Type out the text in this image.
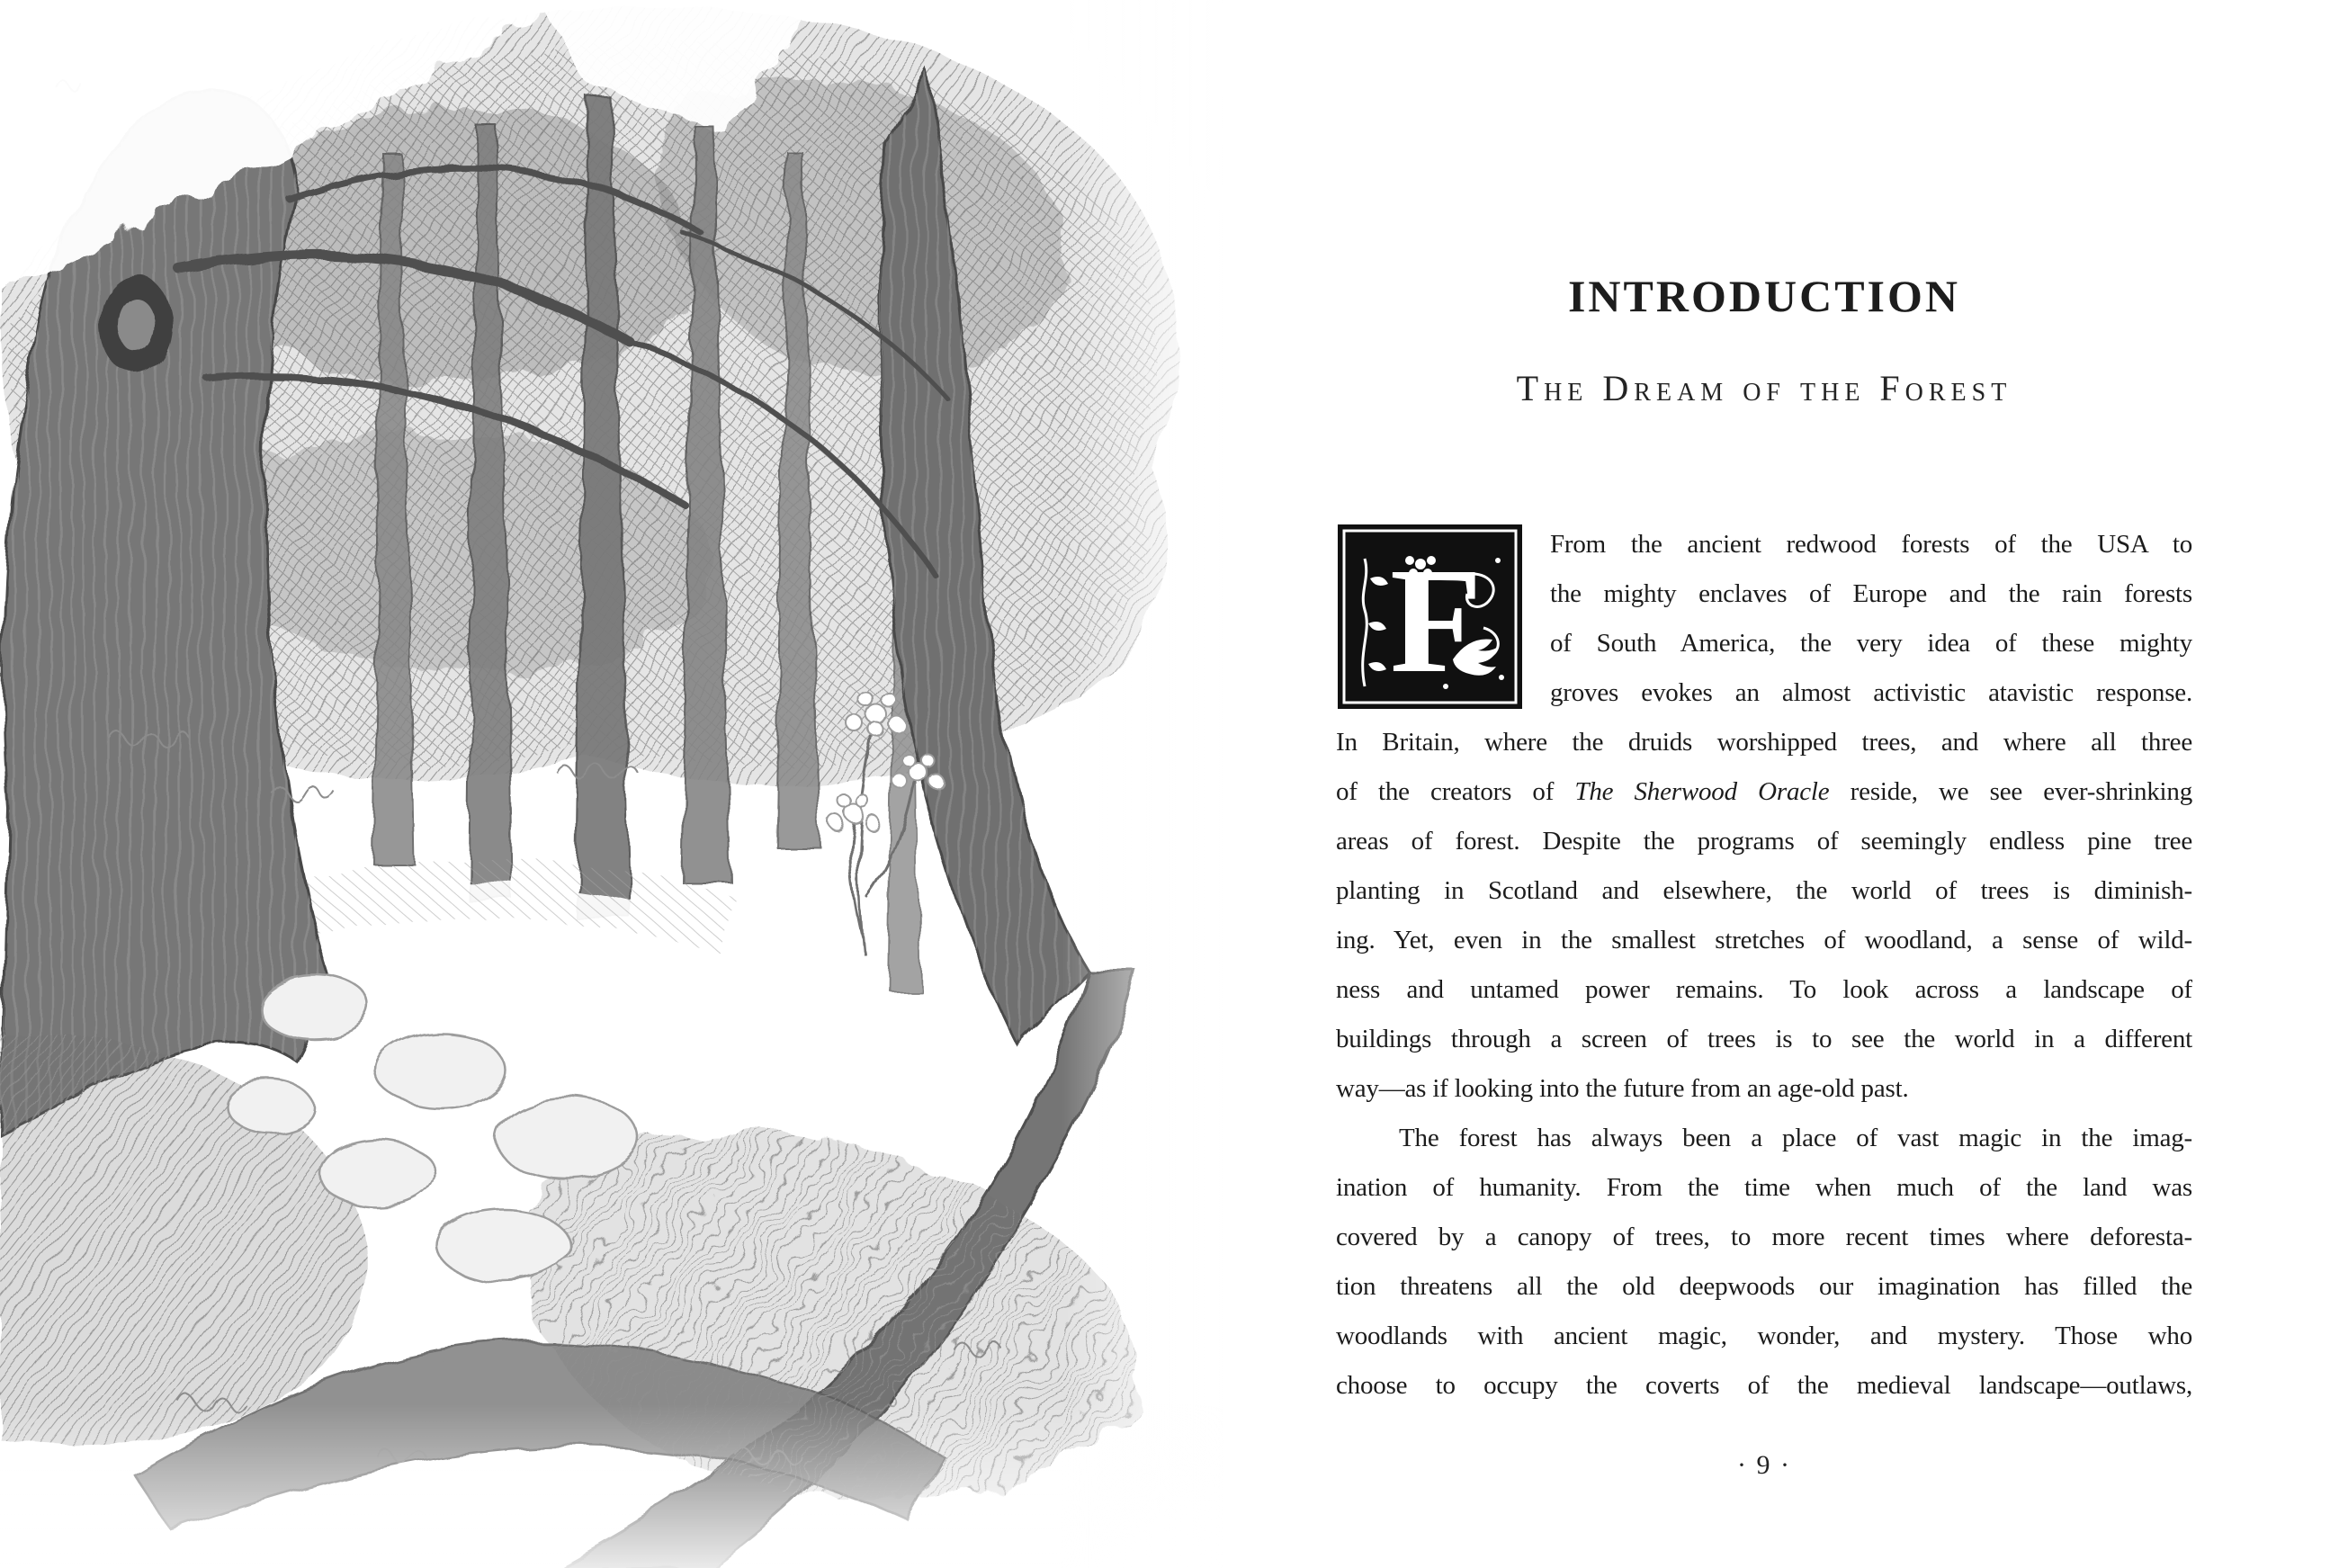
INTRODUCTION
The Dream of the Forest
F	From the ancient redwood forests of the USA to
the mighty enclaves of Europe and the rain forests
of South America, the very idea of these mighty
groves evokes an almost activistic atavistic response.
In Britain, where the druids worshipped trees, and where all three
of the creators of The Sherwood Oracle reside, we see ever-shrinking
areas of forest. Despite the programs of seemingly endless pine tree
planting in Scotland and elsewhere, the world of trees is diminish-
ing. Yet, even in the smallest stretches of woodland, a sense of wild-
ness and untamed power remains. To look across a landscape of
buildings through a screen of trees is to see the world in a different
way—as if looking into the future from an age-old past.
The forest has always been a place of vast magic in the imag-
ination of humanity. From the time when much of the land was
covered by a canopy of trees, to more recent times where deforesta-
tion threatens all the old deepwoods our imagination has filled the
woodlands with ancient magic, wonder, and mystery. Those who
choose to occupy the coverts of the medieval landscape—outlaws,
· 9 ·
